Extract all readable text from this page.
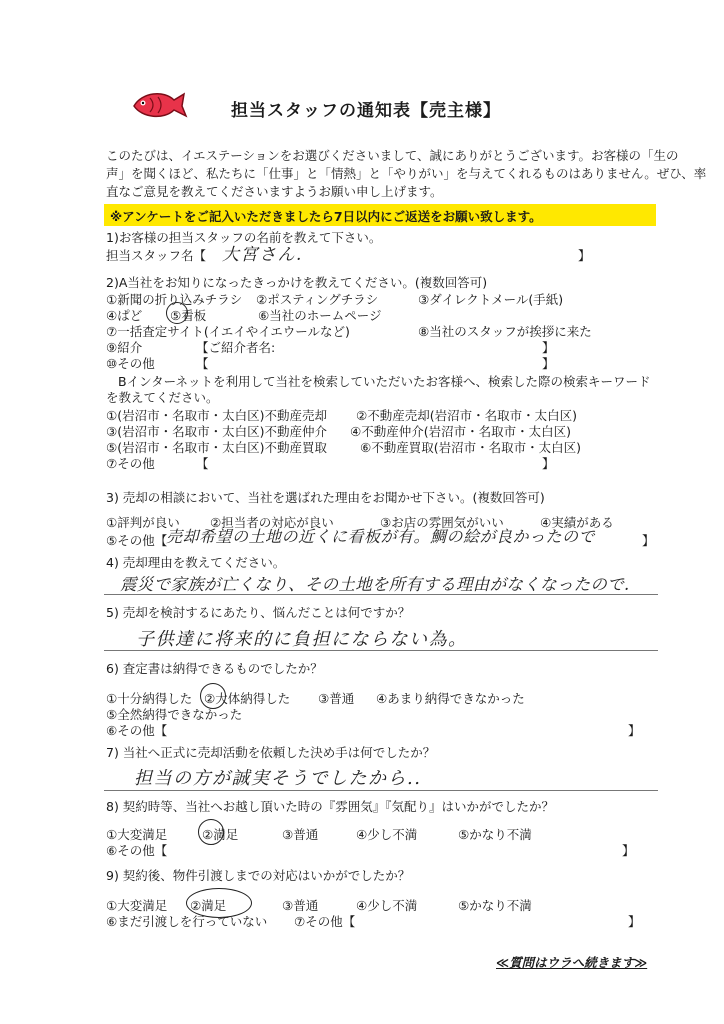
担当スタッフの通知表【売主様】
このたびは、イエステーションをお選びくださいまして、誠にありがとうございます。お客様の「生の
声」を聞くほど、私たちに「仕事」と「情熱」と「やりがい」を与えてくれるものはありません。ぜひ、率
直なご意見を教えてくださいますようお願い申し上げます。
※アンケートをご記入いただきましたら7日以内にご返送をお願い致します。
1)お客様の担当スタッフの名前を教えて下さい。
担当スタッフ名【 大宮さん.	】
2)A当社をお知りになったきっかけを教えてください。(複数回答可)
①新聞の折り込みチラシ ②ポスティングチラシ	③ダイレクトメール(手紙)
④ぱど ⑤看板	⑥当社のホームページ
⑦一括査定サイト(イエイやイエウールなど)	⑧当社のスタッフが挨拶に来た
⑨紹介	【ご紹介者名:	】
⑩その他	【	】
Bインターネットを利用して当社を検索していただいたお客様へ、検索した際の検索キーワード
を教えてください。
①(岩沼市・名取市・太白区)不動産売却 ②不動産売却(岩沼市・名取市・太白区)
③(岩沼市・名取市・太白区)不動産仲介 ④不動産仲介(岩沼市・名取市・太白区)
⑤(岩沼市・名取市・太白区)不動産買取	⑥不動産買取(岩沼市・名取市・太白区)
⑦その他	【	】
3) 売却の相談において、当社を選ばれた理由をお聞かせ下さい。(複数回答可)
①評判が良い ②担当者の対応が良い	③お店の雰囲気がいい	④実績がある
⑤その他【
売却希望の土地の近くに看板が有。鯛の絵が良かったので	】
4) 売却理由を教えてください。
震災で家族が亡くなり、その土地を所有する理由がなくなったので.
5) 売却を検討するにあたり、悩んだことは何ですか？
子供達に将来的に負担にならない為。
6) 査定書は納得できるものでしたか？
①十分納得した ②大体納得した ③普通 ④あまり納得できなかった
⑤全然納得できなかった
⑥その他【	】
7) 当社へ正式に売却活動を依頼した決め手は何でしたか？
担当の方が誠実そうでしたから..
8) 契約時等、当社へお越し頂いた時の『雰囲気』『気配り』はいかがでしたか？
①大変満足	②満足	③普通	④少し不満	⑤かなり不満
⑥その他【	】
9) 契約後、物件引渡しまでの対応はいかがでしたか？
①大変満足 ②満足	③普通	④少し不満	⑤かなり不満
⑥まだ引渡しを行っていない ⑦その他【	】
≪質問はウラへ続きます≫
